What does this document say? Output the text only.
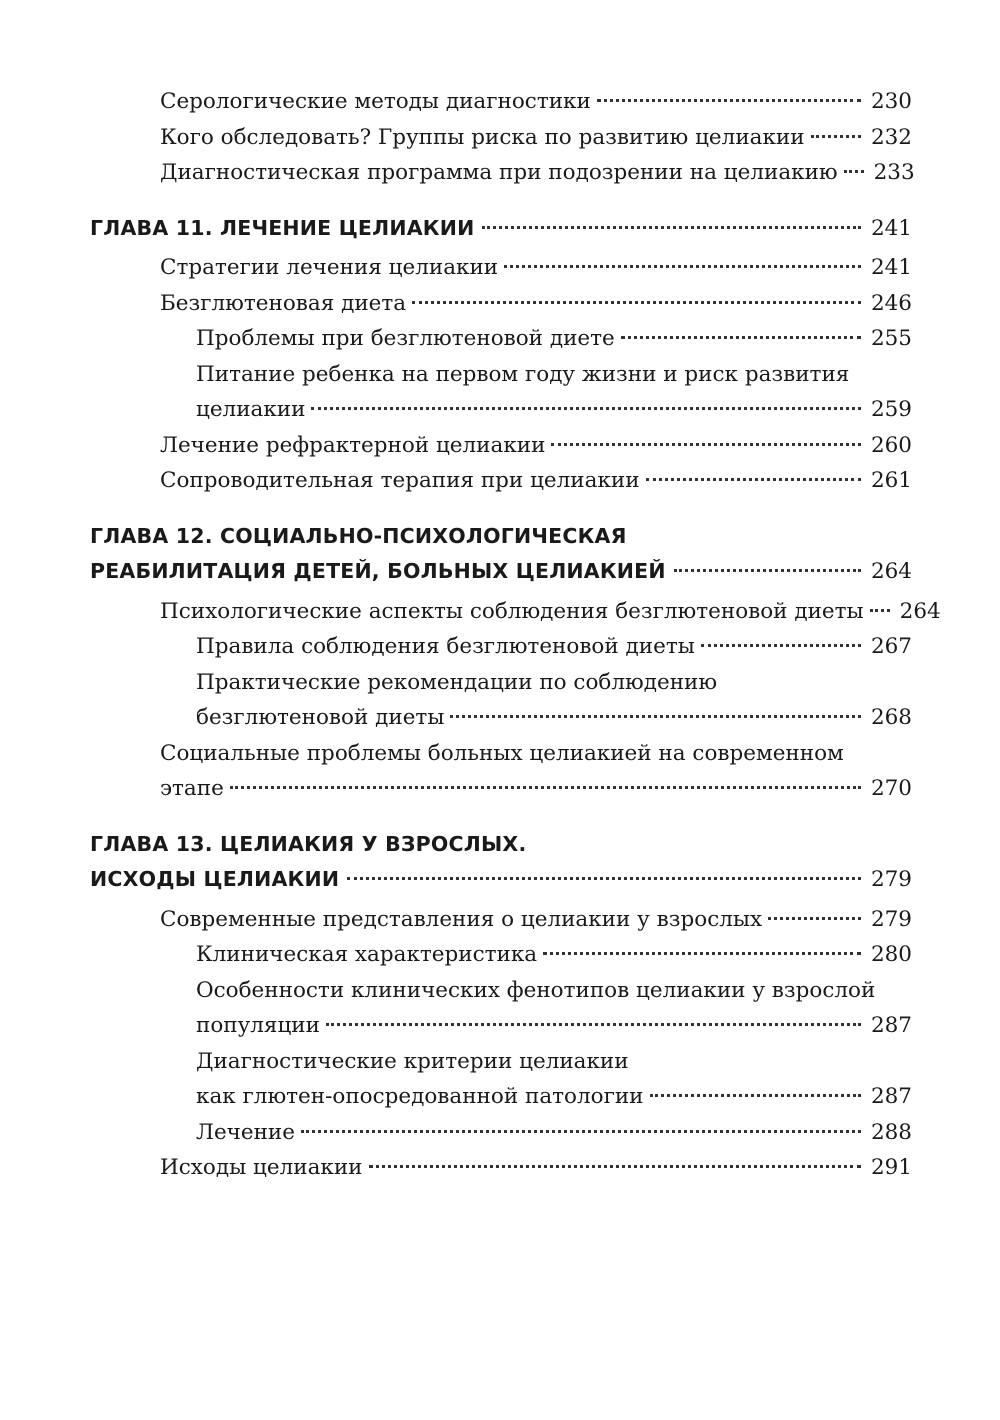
Серологические методы диагностики	230
Кого обследовать? Группы риска по развитию целиакии	232
Диагностическая программа при подозрении на целиакию 233
ГЛАВА 11. ЛЕЧЕНИЕ ЦЕЛИАКИИ	241
Стратегии лечения целиакии	241
Безглютеновая диета	246
Проблемы при безглютеновой диете	255
Питание ребенка на первом году жизни и риск развития
целиакии	259
Лечение рефрактерной целиакии	260
Сопроводительная терапия при целиакии	261
ГЛАВА 12. СОЦИАЛЬНО-ПСИХОЛОГИЧЕСКАЯ
РЕАБИЛИТАЦИЯ ДЕТЕЙ, БОЛЬНЫХ ЦЕЛИАКИЕЙ	264
Психологические аспекты соблюдения безглютеновой диеты 264
Правила соблюдения безглютеновой диеты	267
Практические рекомендации по соблюдению
безглютеновой диеты	268
Социальные проблемы больных целиакией на современном
этапе	270
ГЛАВА 13. ЦЕЛИАКИЯ У ВЗРОСЛЫХ.
ИСХОДЫ ЦЕЛИАКИИ	279
Современные представления о целиакии у взрослых	279
Клиническая характеристика	280
Особенности клинических фенотипов целиакии у взрослой
популяции	287
Диагностические критерии целиакии
как глютен-опосредованной патологии	287
Лечение	288
Исходы целиакии	291
